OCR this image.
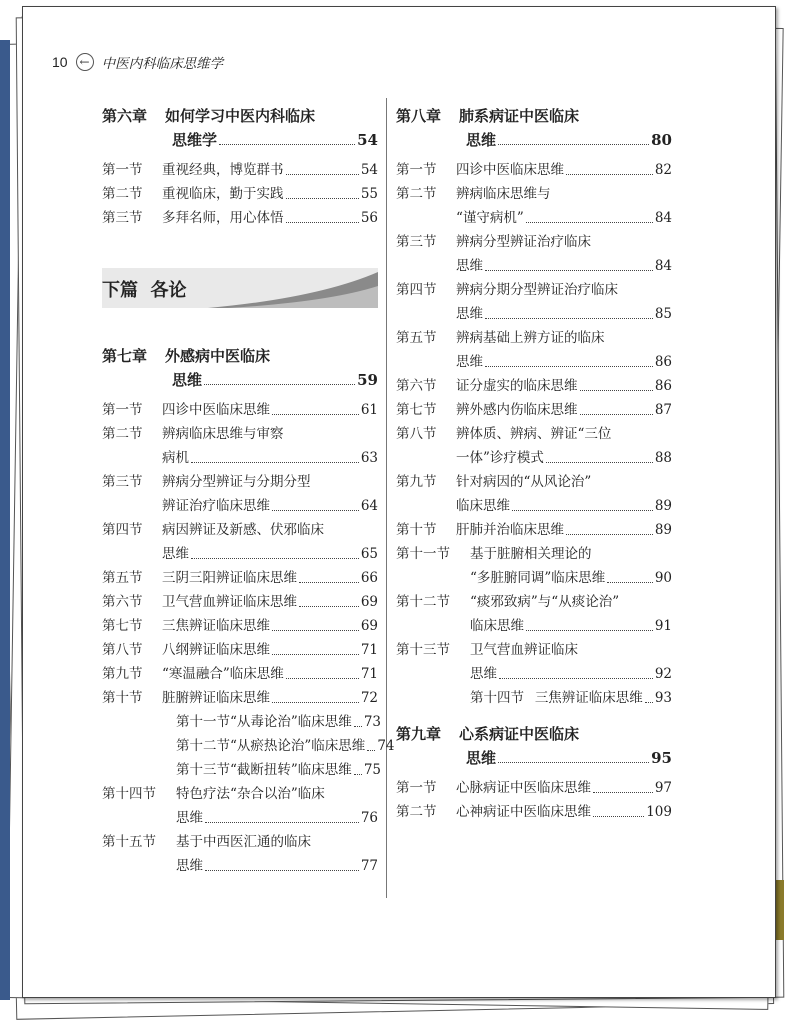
10 ← 中医内科临床思维学
第六章 如何学习中医内科临床
思维学	54
第一节	重视经典，博览群书	54
第二节	重视临床，勤于实践	55
第三节	多拜名师，用心体悟	56
下篇 各论
第七章 外感病中医临床
思维	59
第一节	四诊中医临床思维	61
第二节 辨病临床思维与审察
病机	63
第三节 辨病分型辨证与分期分型
辨证治疗临床思维	64
第四节 病因辨证及新感、伏邪临床
思维	65
第五节	三阴三阳辨证临床思维	66
第六节	卫气营血辨证临床思维	69
第七节	三焦辨证临床思维	69
第八节	八纲辨证临床思维	71
第九节	“寒温融合”临床思维	71
第十节	脏腑辨证临床思维	72
第十一节 “从毒论治”临床思维 73
第十二节 “从瘀热论治”临床思维 74
第十三节 “截断扭转”临床思维 75
第十四节 特色疗法“杂合以治”临床
思维	76
第十五节 基于中西医汇通的临床
思维	77
第八章 肺系病证中医临床
思维	80
第一节	四诊中医临床思维	82
第二节 辨病临床思维与
“谨守病机”	84
第三节 辨病分型辨证治疗临床
思维	84
第四节 辨病分期分型辨证治疗临床
思维	85
第五节 辨病基础上辨方证的临床
思维	86
第六节	证分虚实的临床思维	86
第七节	辨外感内伤临床思维	87
第八节 辨体质、辨病、辨证“三位
一体”诊疗模式	88
第九节 针对病因的“从风论治”
临床思维	89
第十节	肝肺并治临床思维	89
第十一节 基于脏腑相关理论的
“多脏腑同调”临床思维	90
第十二节 “痰邪致病”与“从痰论治”
临床思维	91
第十三节 卫气营血辨证临床
思维	92
第十四节 三焦辨证临床思维 93
第九章 心系病证中医临床
思维	95
第一节	心脉病证中医临床思维	97
第二节	心神病证中医临床思维	109
